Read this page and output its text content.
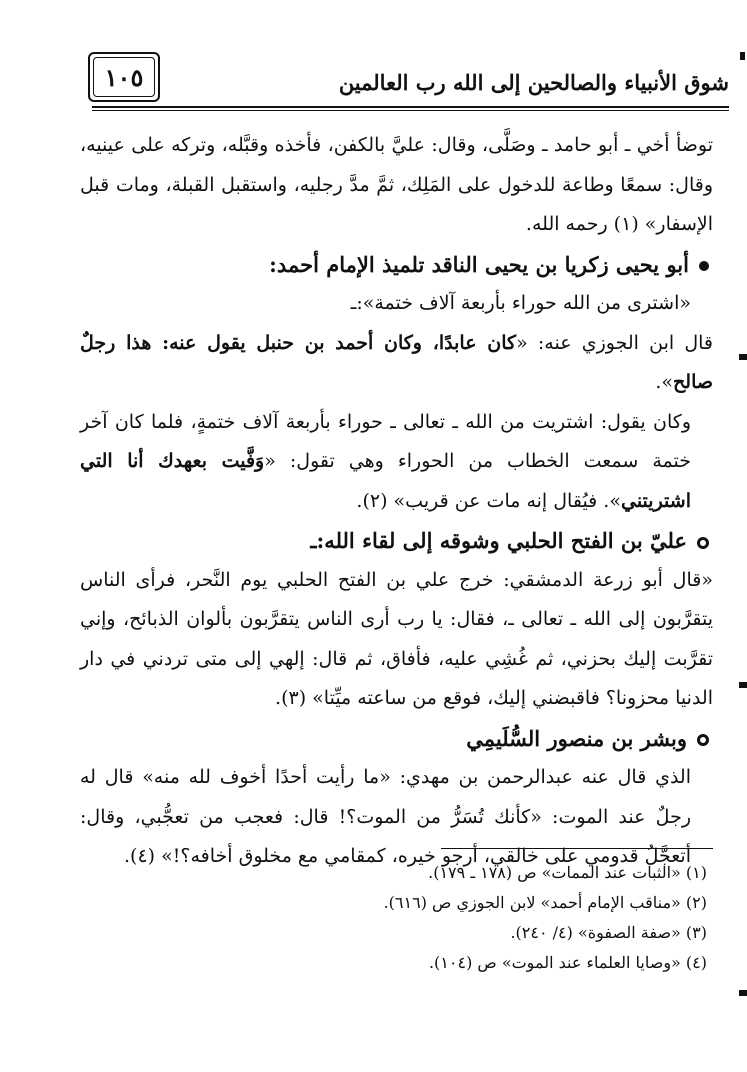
١٠٥	شوق الأنبياء والصالحين إلى الله رب العالمين

توضأ أخي ـ أبو حامد ـ وصَلَّى، وقال: عليَّ بالكفن، فأخذه وقبَّله، وتركه على عينيه، وقال: سمعًا وطاعة للدخول على المَلِك، ثمَّ مدَّ رجليه، واستقبل القبلة، ومات قبل الإسفار» (١) رحمه الله.

أبو يحيى زكريا بن يحيى الناقد تلميذ الإمام أحمد:

«اشترى من الله حوراء بأربعة آلاف ختمة»:ـ

قال ابن الجوزي عنه: «كان عابدًا، وكان أحمد بن حنبل يقول عنه: هذا رجلٌ صالح».

وكان يقول: اشتريت من الله ـ تعالى ـ حوراء بأربعة آلاف ختمةٍ، فلما كان آخر ختمة سمعت الخطاب من الحوراء وهي تقول: «وَفَّيت بعهدك أنا التي اشتريتني». فيُقال إنه مات عن قريب» (٢).

عليّ بن الفتح الحلبي وشوقه إلى لقاء الله:ـ

«قال أبو زرعة الدمشقي: خرج علي بن الفتح الحلبي يوم النَّحر، فرأى الناس يتقرَّبون إلى الله ـ تعالى ـ، فقال: يا رب أرى الناس يتقرَّبون بألوان الذبائح، وإني تقرَّبت إليك بحزني، ثم غُشِي عليه، فأفاق، ثم قال: إلهي إلى متى تردني في دار الدنيا محزونا؟ فاقبضني إليك، فوقع من ساعته ميِّتا» (٣).

وبشر بن منصور السُّلَيمِي

الذي قال عنه عبدالرحمن بن مهدي: «ما رأيت أحدًا أخوف لله منه» قال له رجلٌ عند الموت: «كأنك تُسَرُّ من الموت؟! قال: فعجب من تعجُّبي، وقال: أتعجَّلُ قدومي على خالقي، أرجو خيره، كمقامي مع مخلوق أخافه؟!» (٤).

(١) «الثبات عند الممات» ص (١٧٨ ـ ١٧٩).

(٢) «مناقب الإمام أحمد» لابن الجوزي ص (٦١٦).

(٣) «صفة الصفوة» (٤/ ٢٤٠).

(٤) «وصايا العلماء عند الموت» ص (١٠٤).
